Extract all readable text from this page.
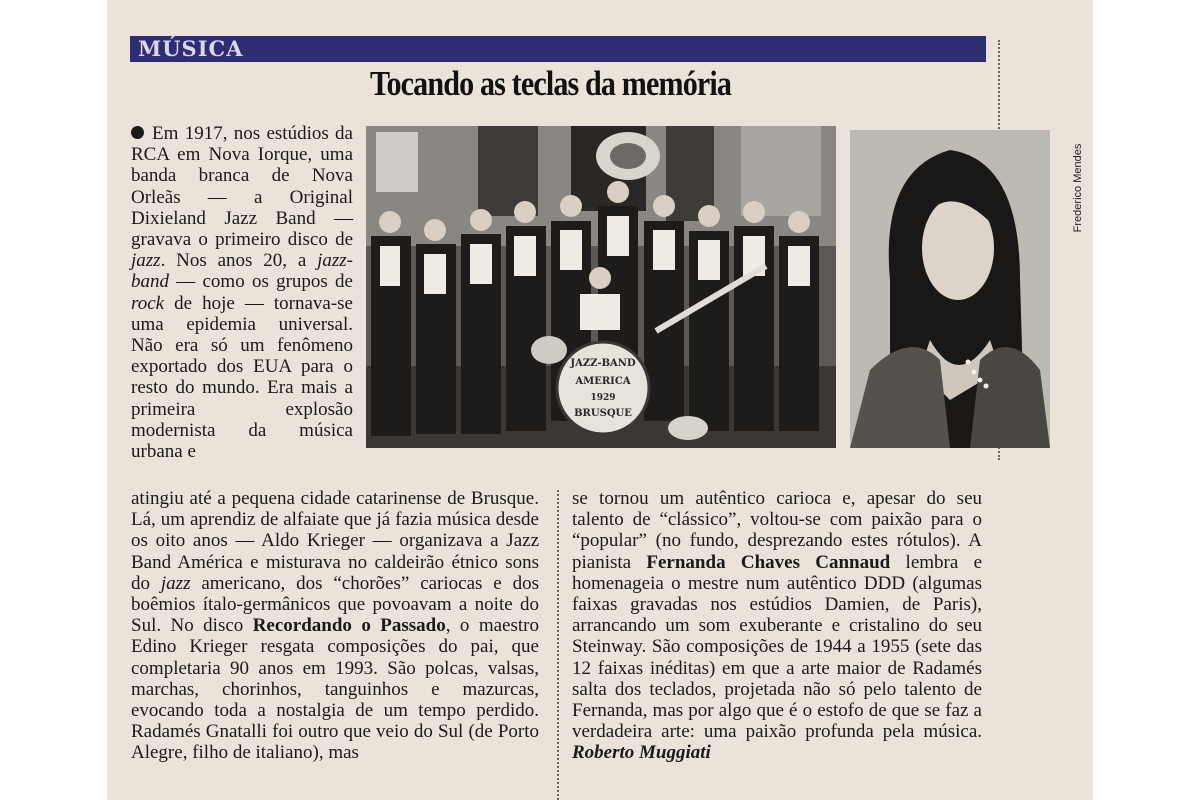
MÚSICA
Tocando as teclas da memória
Em 1917, nos estúdios da RCA em Nova Iorque, uma banda branca de Nova Orleãs — a Original Dixieland Jazz Band — gravava o primeiro disco de jazz. Nos anos 20, a jazz-band — como os grupos de rock de hoje — tornava-se uma epidemia universal. Não era só um fenômeno exportado dos EUA para o resto do mundo. Era mais a primeira explosão modernista da música urbana e
JAZZ-BAND
AMERICA
1929
BRUSQUE
Frederico Mendes
atingiu até a pequena cidade catarinense de Brusque. Lá, um aprendiz de alfaiate que já fazia música desde os oito anos — Aldo Krieger — organizava a Jazz Band América e misturava no caldeirão étnico sons do jazz americano, dos “chorões” cariocas e dos boêmios ítalo-germânicos que povoavam a noite do Sul. No disco Recordando o Passado, o maestro Edino Krieger resgata composições do pai, que completaria 90 anos em 1993. São polcas, valsas, marchas, chorinhos, tanguinhos e mazurcas, evocando toda a nostalgia de um tempo perdido. Radamés Gnatalli foi outro que veio do Sul (de Porto Alegre, filho de italiano), mas
se tornou um autêntico carioca e, apesar do seu talento de “clássico”, voltou-se com paixão para o “popular” (no fundo, desprezando estes rótulos). A pianista Fernanda Chaves Cannaud lembra e homenageia o mestre num autêntico DDD (algumas faixas gravadas nos estúdios Damien, de Paris), arrancando um som exuberante e cristalino do seu Steinway. São composições de 1944 a 1955 (sete das 12 faixas inéditas) em que a arte maior de Radamés salta dos teclados, projetada não só pelo talento de Fernanda, mas por algo que é o estofo de que se faz a verdadeira arte: uma paixão profunda pela música. Roberto Muggiati
